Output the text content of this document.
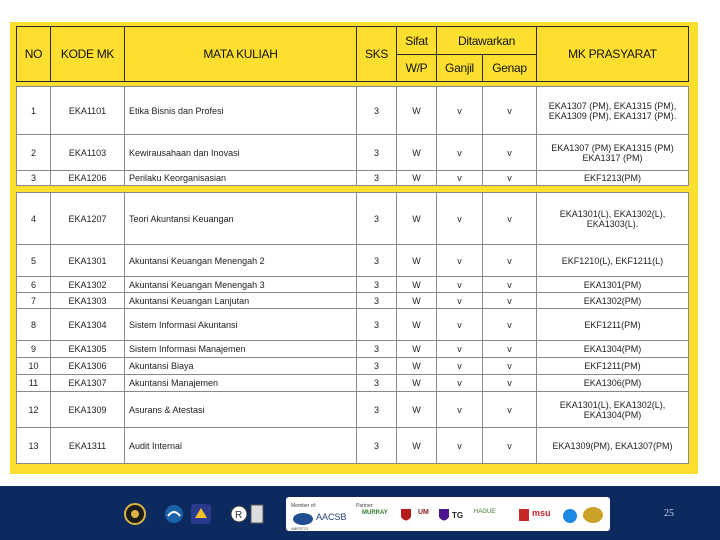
NO	KODE MK	MATA KULIAH	SKS	Sifat	Ditawarkan		MK PRASYARAT
				W/P	Ganjil	Genap	
1	EKA1101	Etika Bisnis dan Profesi	3	W	v	v	EKA1307 (PM), EKA1315 (PM), EKA1309 (PM), EKA1317 (PM).
2	EKA1103	Kewirausahaan dan Inovasi	3	W	v	v	EKA1307 (PM) EKA1315 (PM) EKA1317 (PM)
3	EKA1206	Perilaku Keorganisasian	3	W	v	v	EKF1213(PM)
4	EKA1207	Teori Akuntansi Keuangan	3	W	v	v	EKA1301(L), EKA1302(L), EKA1303(L).
5	EKA1301	Akuntansi Keuangan Menengah 2	3	W	v	v	EKF1210(L), EKF1211(L)
6	EKA1302	Akuntansi Keuangan Menengah 3	3	W	v	v	EKA1301(PM)
7	EKA1303	Akuntansi Keuangan Lanjutan	3	W	v	v	EKA1302(PM)
8	EKA1304	Sistem Informasi Akuntansi	3	W	v	v	EKF1211(PM)
9	EKA1305	Sistem Informasi Manajemen	3	W	v	v	EKA1304(PM)
10	EKA1306	Akuntansi Biaya	3	W	v	v	EKF1211(PM)
11	EKA1307	Akuntansi Manajemen	3	W	v	v	EKA1306(PM)
12	EKA1309	Asurans & Atestasi	3	W	v	v	EKA1301(L), EKA1302(L), EKA1304(PM)
13	EKA1311	Audit Internal	3	W	v	v	EKA1309(PM), EKA1307(PM)
R
Member of:	Partner:
ABEST21
AACSB	MURRAY	UM	TG HAGUE	msu	25
